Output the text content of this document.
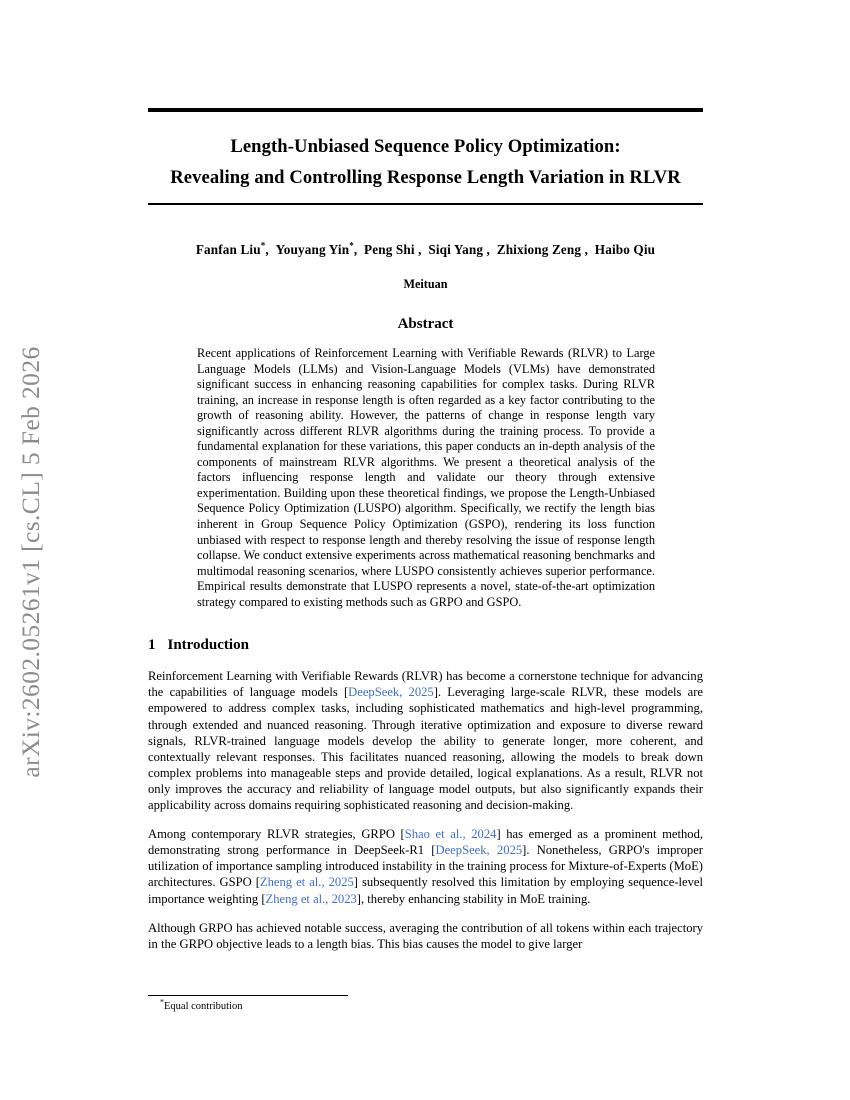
arXiv:2602.05261v1 [cs.CL] 5 Feb 2026
Length-Unbiased Sequence Policy Optimization:
Revealing and Controlling Response Length Variation in RLVR
Fanfan Liu*, Youyang Yin*, Peng Shi , Siqi Yang , Zhixiong Zeng , Haibo Qiu
Meituan
Abstract
Recent applications of Reinforcement Learning with Verifiable Rewards (RLVR) to Large Language Models (LLMs) and Vision-Language Models (VLMs) have demonstrated significant success in enhancing reasoning capabilities for complex tasks. During RLVR training, an increase in response length is often regarded as a key factor contributing to the growth of reasoning ability. However, the patterns of change in response length vary significantly across different RLVR algorithms during the training process. To provide a fundamental explanation for these variations, this paper conducts an in-depth analysis of the components of mainstream RLVR algorithms. We present a theoretical analysis of the factors influencing response length and validate our theory through extensive experimentation. Building upon these theoretical findings, we propose the Length-Unbiased Sequence Policy Optimization (LUSPO) algorithm. Specifically, we rectify the length bias inherent in Group Sequence Policy Optimization (GSPO), rendering its loss function unbiased with respect to response length and thereby resolving the issue of response length collapse. We conduct extensive experiments across mathematical reasoning benchmarks and multimodal reasoning scenarios, where LUSPO consistently achieves superior performance. Empirical results demonstrate that LUSPO represents a novel, state-of-the-art optimization strategy compared to existing methods such as GRPO and GSPO.
1 Introduction

Reinforcement Learning with Verifiable Rewards (RLVR) has become a cornerstone technique for advancing the capabilities of language models [DeepSeek, 2025]. Leveraging large-scale RLVR, these models are empowered to address complex tasks, including sophisticated mathematics and high-level programming, through extended and nuanced reasoning. Through iterative optimization and exposure to diverse reward signals, RLVR-trained language models develop the ability to generate longer, more coherent, and contextually relevant responses. This facilitates nuanced reasoning, allowing the models to break down complex problems into manageable steps and provide detailed, logical explanations. As a result, RLVR not only improves the accuracy and reliability of language model outputs, but also significantly expands their applicability across domains requiring sophisticated reasoning and decision-making.

Among contemporary RLVR strategies, GRPO [Shao et al., 2024] has emerged as a prominent method, demonstrating strong performance in DeepSeek-R1 [DeepSeek, 2025]. Nonetheless, GRPO's improper utilization of importance sampling introduced instability in the training process for Mixture-of-Experts (MoE) architectures. GSPO [Zheng et al., 2025] subsequently resolved this limitation by employing sequence-level importance weighting [Zheng et al., 2023], thereby enhancing stability in MoE training.

Although GRPO has achieved notable success, averaging the contribution of all tokens within each trajectory in the GRPO objective leads to a length bias. This bias causes the model to give larger

*Equal contribution
